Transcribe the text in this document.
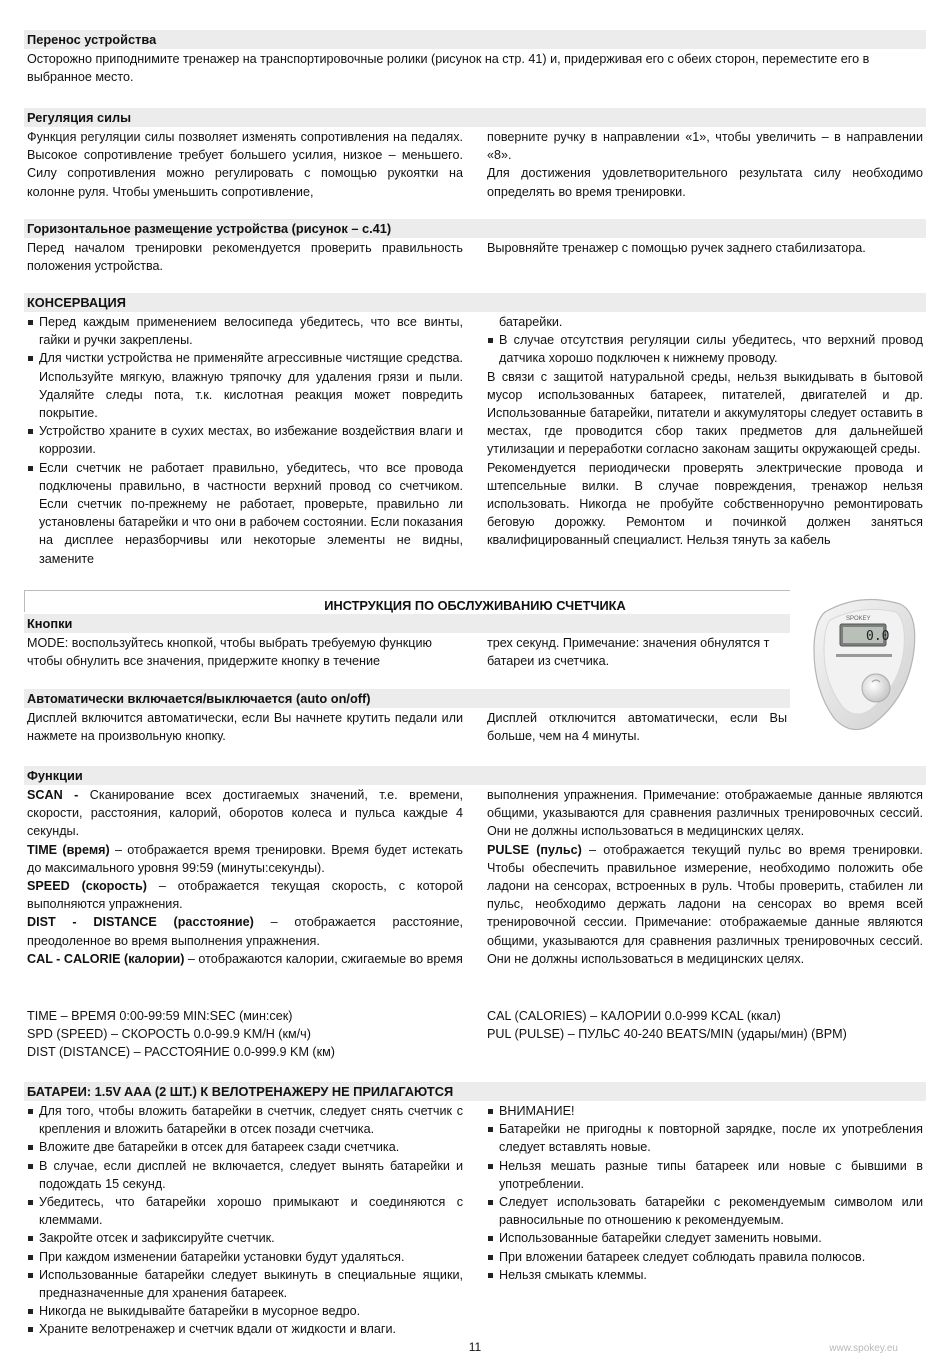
Перенос устройства
Осторожно приподнимите тренажер на транспортировочные ролики (рисунок на стр. 41) и, придерживая его с обеих сторон, переместите его в выбранное место.
Регуляция силы
Функция регуляции силы позволяет изменять сопротивления на педалях. Высокое сопротивление требует большего усилия, низкое – меньшего. Силу сопротивления можно регулировать с помощью рукоятки на колонне руля. Чтобы уменьшить сопротивление,

поверните ручку в направлении «1», чтобы увеличить – в направлении «8».

Для достижения удовлетворительного результата силу необходимо определять во время тренировки.

Горизонтальное размещение устройства (рисунок – с.41)
Перед началом тренировки рекомендуется проверить правильность положения устройства.
Выровняйте тренажер с помощью ручек заднего стабилизатора.
КОНСЕРВАЦИЯ
Перед каждым применением велосипеда убедитесь, что все винты, гайки и ручки закреплены.
Для чистки устройства не применяйте агрессивные чистящие средства. Используйте мягкую, влажную тряпочку для удаления грязи и пыли. Удаляйте следы пота, т.к. кислотная реакция может повредить покрытие.
Устройство храните в сухих местах, во избежание воздействия влаги и коррозии.
Если счетчик не работает правильно, убедитесь, что все провода подключены правильно, в частности верхний провод со счетчиком. Если счетчик по-прежнему не работает, проверьте, правильно ли установлены батарейки и что они в рабочем состоянии. Если показания на дисплее неразборчивы или некоторые элементы не видны, замените

батарейки.

В случае отсутствия регуляции силы убедитесь, что верхний провод датчика хорошо подключен к нижнему проводу.

В связи с защитой натуральной среды, нельзя выкидывать в бытовой мусор использованных батареек, питателей, двигателей и др. Использованные батарейки, питатели и аккумуляторы следует оставить в местах, где проводится сбор таких предметов для дальнейшей утилизации и переработки согласно законам защиты окружающей среды.

Рекомендуется периодически проверять электрические провода и штепсельные вилки. В случае повреждения, тренажор нельзя использовать. Никогда не пробуйте собственноручно ремонтировать беговую дорожку. Ремонтом и починкой должен заняться квалифицированный специалист. Нельзя тянуть за кабель

ИНСТРУКЦИЯ ПО ОБСЛУЖИВАНИЮ СЧЕТЧИКА
Кнопки
MODE: воспользуйтесь кнопкой, чтобы выбрать требуемую функцию чтобы обнулить все значения, придержите кнопку в течение
трех секунд. Примечание: значения обнулятся т батареи из счетчика.
Автоматически включается/выключается (auto on/off)
Дисплей включится автоматически, если Вы начнете крутить педали или нажмете на произвольную кнопку.
Дисплей отключится автоматически, если Вы больше, чем на 4 минуты.
0.0
SPOKEY
Функции

SCAN - Сканирование всех достигаемых значений, т.е. времени, скорости, расстояния, калорий, оборотов колеса и пульса каждые 4 секунды.

TIME (время) – отображается время тренировки. Время будет истекать до максимального уровня 99:59 (минуты:секунды).

SPEED (скорость) – отображается текущая скорость, с которой выполняются упражнения.

DIST - DISTANCE (расстояние) – отображается расстояние, преодоленное во время выполнения упражнения.

CAL - CALORIE (калории) – отображаются калории, сжигаемые во время

выполнения упражнения. Примечание: отображаемые данные являются общими, указываются для сравнения различных тренировочных сессий. Они не должны использоваться в медицинских целях.

PULSE (пульс) – отображается текущий пульс во время тренировки. Чтобы обеспечить правильное измерение, необходимо положить обе ладони на сенсорах, встроенных в руль. Чтобы проверить, стабилен ли пульс, необходимо держать ладони на сенсорах во время всей тренировочной сессии. Примечание: отображаемые данные являются общими, указываются для сравнения различных тренировочных сессий. Они не должны использоваться в медицинских целях.

TIME – ВРЕМЯ 0:00-99:59 MIN:SEC (мин:сек)

SPD (SPEED) – СКОРОСТЬ 0.0-99.9 KM/H (км/ч)

DIST (DISTANCE) – РАССТОЯНИЕ 0.0-999.9 KM (км)

CAL (CALORIES) – КАЛОРИИ 0.0-999 KCAL (ккал)

PUL (PULSE) – ПУЛЬС 40-240 BEATS/MIN (удары/мин) (BPM)

БАТАРЕИ: 1.5V AAA (2 ШТ.) К ВЕЛОТРЕНАЖЕРУ НЕ ПРИЛАГАЮТСЯ
Для того, чтобы вложить батарейки в счетчик, следует снять счетчик с крепления и вложить батарейки в отсек позади счетчика.
Вложите две батарейки в отсек для батареек сзади счетчика.
В случае, если дисплей не включается, следует вынять батарейки и подождать 15 секунд.
Убедитесь, что батарейки хорошо примыкают и соединяются с клеммами.
Закройте отсек и зафиксируйте счетчик.
При каждом изменении батарейки установки будут удаляться.
Использованные батарейки следует выкинуть в специальные ящики, предназначенные для хранения батареек.
Никогда не выкидывайте батарейки в мусорное ведро.
Храните велотренажер и счетчик вдали от жидкости и влаги.
ВНИМАНИЕ!
Батарейки не пригодны к повторной зарядке, после их употребления следует вставлять новые.
Нельзя мешать разные типы батареек или новые с бывшими в употреблении.
Следует использовать батарейки с рекомендуемым символом или равносильные по отношению к рекомендуемым.
Использованные батарейки следует заменить новыми.
При вложении батареек следует соблюдать правила полюсов.
Нельзя смыкать клеммы.
11	www.spokey.eu
